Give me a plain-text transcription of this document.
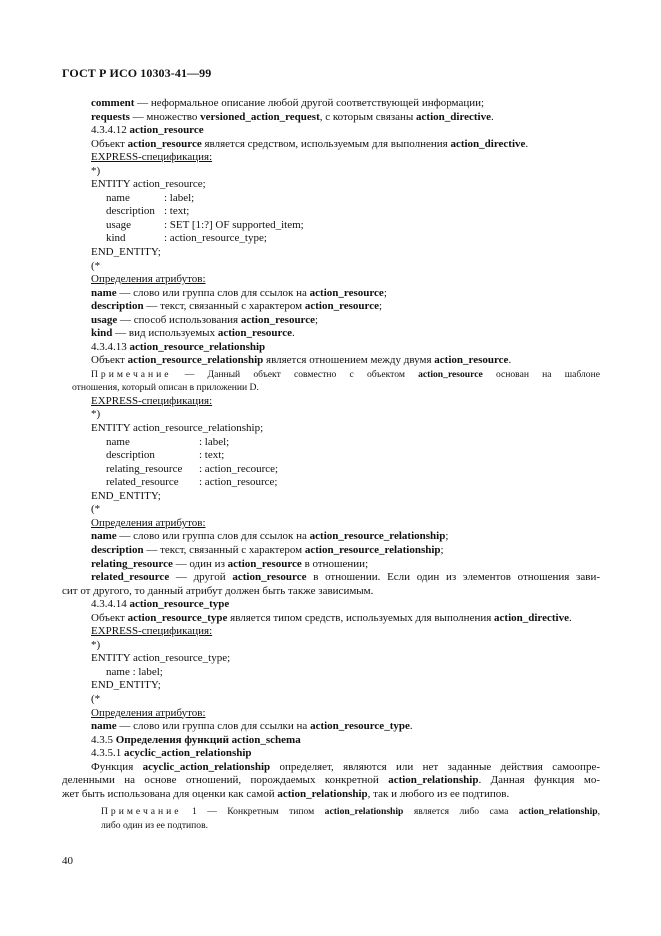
ГОСТ Р ИСО 10303-41—99

comment — неформальное описание любой другой соответствующей информации;

requests — множество versioned_action_request, с которым связаны action_directive.

4.3.4.12 action_resource

Объект action_resource является средством, используемым для выполнения action_directive.

EXPRESS-спецификация:

*)

ENTITY action_resource;

name	: label;

description : text;

usage	: SET [1:?] OF supported_item;

kind	: action_resource_type;

END_ENTITY;

(*

Определения атрибутов:

name — слово или группа слов для ссылок на action_resource;

description — текст, связанный с характером action_resource;

usage — способ использования action_resource;

kind — вид используемых action_resource.

4.3.4.13 action_resource_relationship

Объект action_resource_relationship является отношением между двумя action_resource.

Примечание — Данный объект совместно с объектом action_resource основан на шаблоне

отношения, который описан в приложении D.

EXPRESS-спецификация:

*)

ENTITY action_resource_relationship;

name	: label;

description	: text;

relating_resource : action_recource;

related_resource : action_resource;

END_ENTITY;

(*

Определения атрибутов:

name — слово или группа слов для ссылок на action_resource_relationship;

description — текст, связанный с характером action_resource_relationship;

relating_resource — один из action_resource в отношении;

related_resource — другой action_resource в отношении. Если один из элементов отношения зави-

сит от другого, то данный атрибут должен быть также зависимым.

4.3.4.14 action_resource_type

Объект action_resource_type является типом средств, используемых для выполнения action_directive.

EXPRESS-спецификация:

*)

ENTITY action_resource_type;

name : label;

END_ENTITY;

(*

Определения атрибутов:

name — слово или группа слов для ссылки на action_resource_type.

4.3.5 Определения функций action_schema

4.3.5.1 acyclic_action_relationship

Функция acyclic_action_relationship определяет, являются или нет заданные действия самоопре-

деленными на основе отношений, порождаемых конкретной action_relationship. Данная функция мо-

жет быть использована для оценки как самой action_relationship, так и любого из ее подтипов.

Примечание 1 — Конкретным типом action_relationship является либо сама action_relationship,

либо один из ее подтипов.

40
